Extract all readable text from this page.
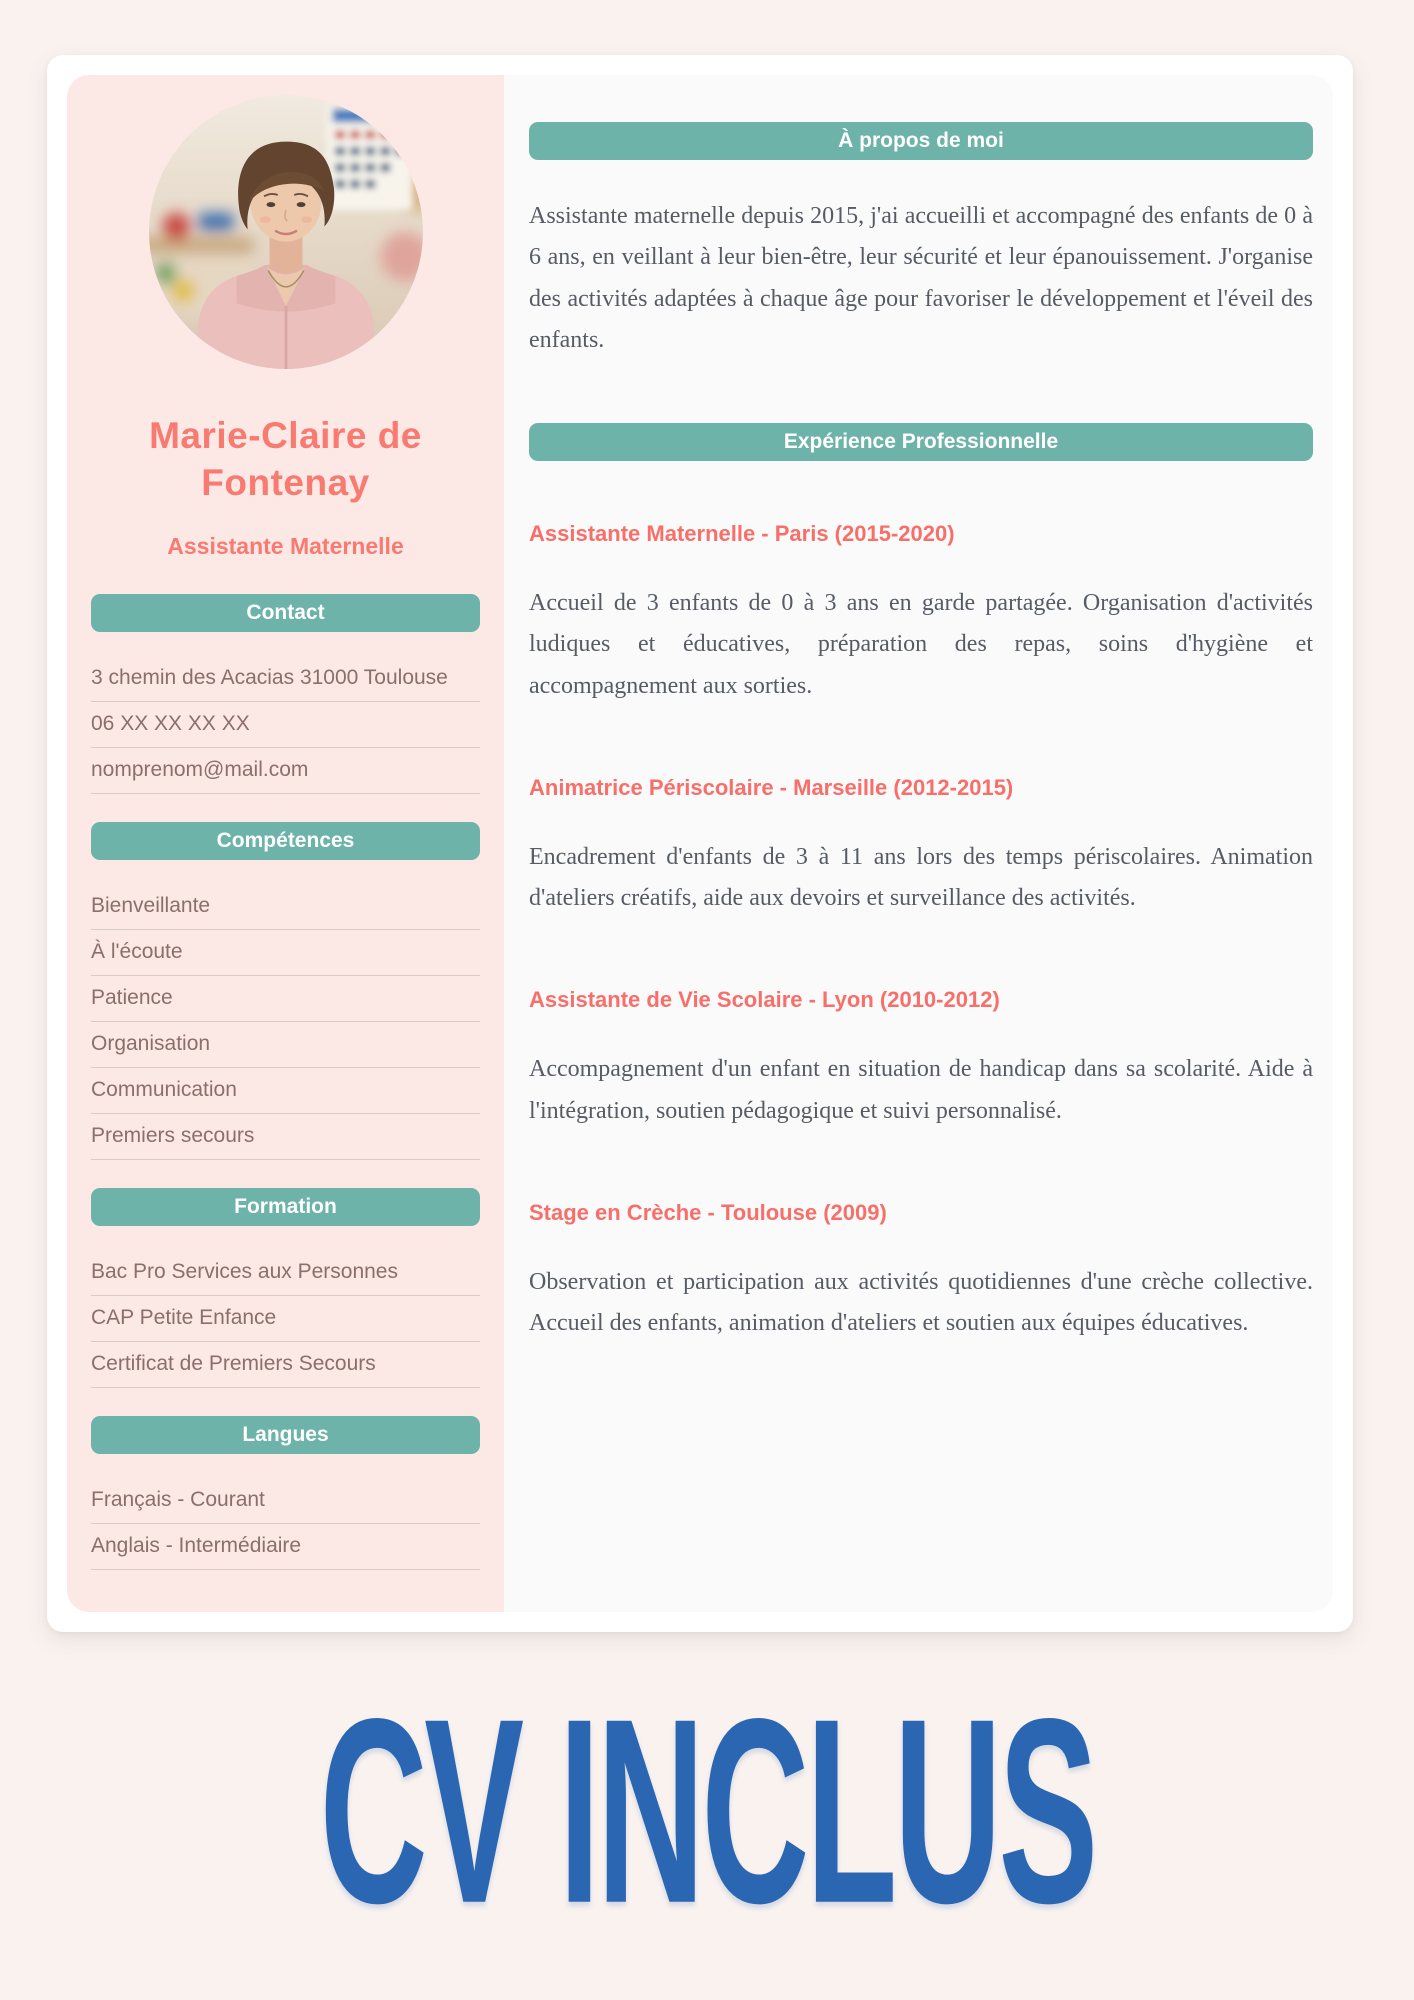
Marie-Claire de Fontenay
Assistante Maternelle
Contact
3 chemin des Acacias 31000 Toulouse
06 XX XX XX XX
nomprenom@mail.com
Compétences
Bienveillante
À l'écoute
Patience
Organisation
Communication
Premiers secours
Formation
Bac Pro Services aux Personnes
CAP Petite Enfance
Certificat de Premiers Secours
Langues
Français - Courant
Anglais - Intermédiaire
À propos de moi

Assistante maternelle depuis 2015, j'ai accueilli et accompagné des enfants de 0 à 6 ans, en veillant à leur bien-être, leur sécurité et leur épanouissement. J'organise des activités adaptées à chaque âge pour favoriser le développement et l'éveil des enfants.

Expérience Professionnelle
Assistante Maternelle - Paris (2015-2020)

Accueil de 3 enfants de 0 à 3 ans en garde partagée. Organisation d'activités ludiques et éducatives, préparation des repas, soins d'hygiène et accompagnement aux sorties.

Animatrice Périscolaire - Marseille (2012-2015)

Encadrement d'enfants de 3 à 11 ans lors des temps périscolaires. Animation d'ateliers créatifs, aide aux devoirs et surveillance des activités.

Assistante de Vie Scolaire - Lyon (2010-2012)

Accompagnement d'un enfant en situation de handicap dans sa scolarité. Aide à l'intégration, soutien pédagogique et suivi personnalisé.

Stage en Crèche - Toulouse (2009)

Observation et participation aux activités quotidiennes d'une crèche collective. Accueil des enfants, animation d'ateliers et soutien aux équipes éducatives.

CV INCLUS
